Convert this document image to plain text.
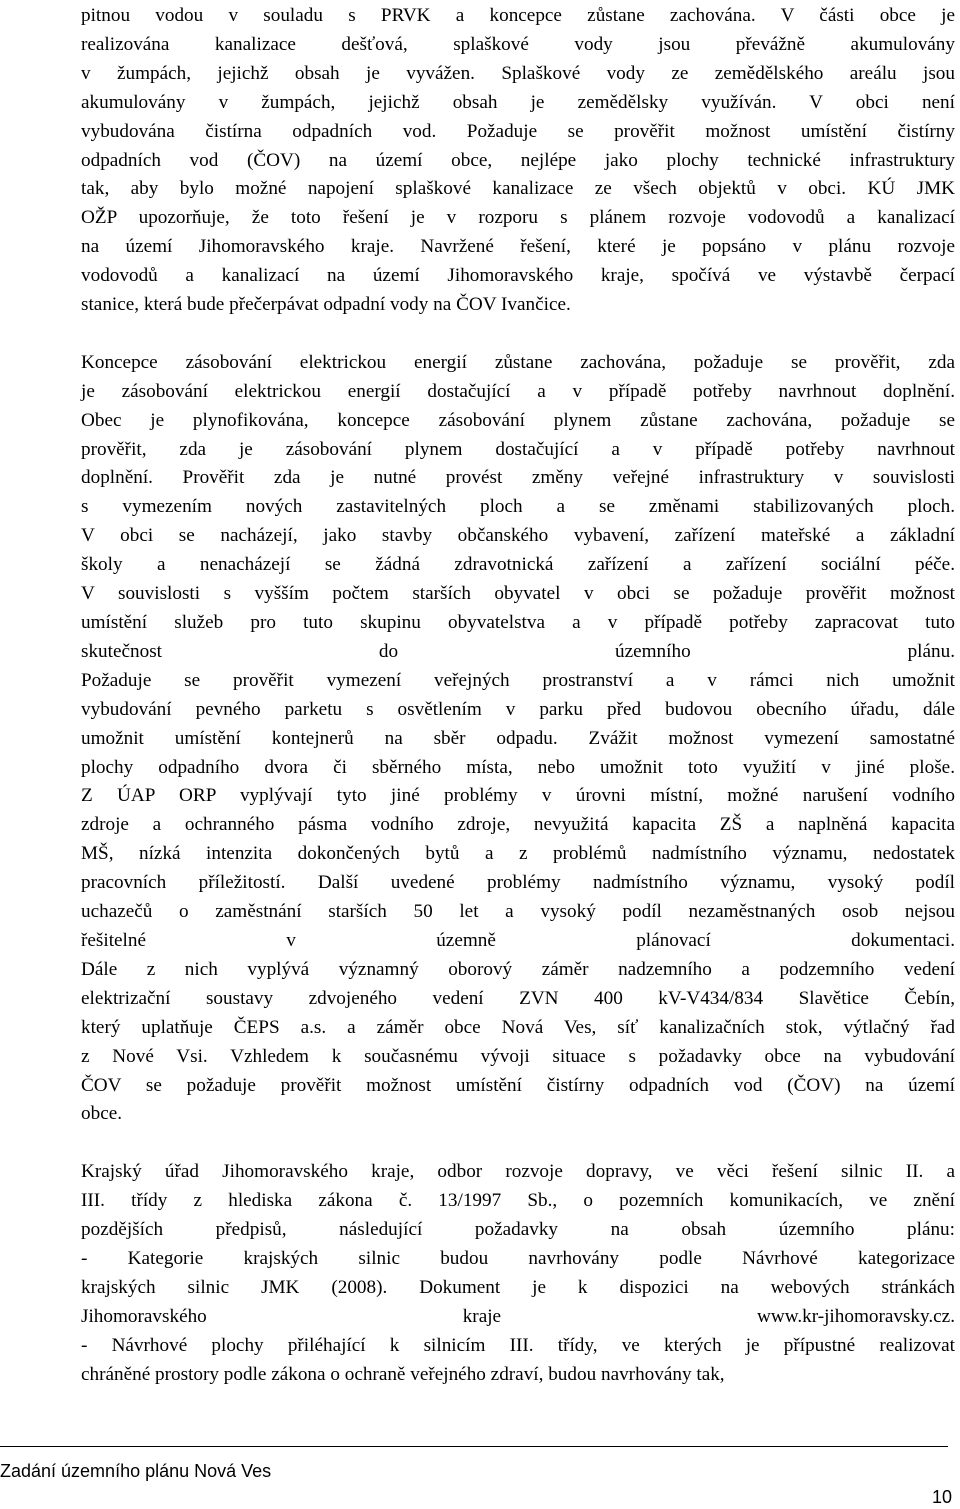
pitnou vodou v souladu s PRVK a koncepce zůstane zachována. V části obce je
realizována kanalizace dešťová, splaškové vody jsou převážně akumulovány
v žumpách, jejichž obsah je vyvážen. Splaškové vody ze zemědělského areálu jsou
akumulovány v žumpách, jejichž obsah je zemědělsky využíván. V obci není
vybudována čistírna odpadních vod. Požaduje se prověřit možnost umístění čistírny
odpadních vod (ČOV) na území obce, nejlépe jako plochy technické infrastruktury
tak, aby bylo možné napojení splaškové kanalizace ze všech objektů v obci. KÚ JMK
OŽP upozorňuje, že toto řešení je v rozporu s plánem rozvoje vodovodů a kanalizací
na území Jihomoravského kraje. Navržené řešení, které je popsáno v plánu rozvoje
vodovodů a kanalizací na území Jihomoravského kraje, spočívá ve výstavbě čerpací
stanice, která bude přečerpávat odpadní vody na ČOV Ivančice.
Koncepce zásobování elektrickou energií zůstane zachována, požaduje se prověřit, zda
je zásobování elektrickou energií dostačující a v případě potřeby navrhnout doplnění.
Obec je plynofikována, koncepce zásobování plynem zůstane zachována, požaduje se
prověřit, zda je zásobování plynem dostačující a v případě potřeby navrhnout
doplnění. Prověřit zda je nutné provést změny veřejné infrastruktury v souvislosti
s vymezením nových zastavitelných ploch a se změnami stabilizovaných ploch.
V obci se nacházejí, jako stavby občanského vybavení, zařízení mateřské a základní
školy a nenacházejí se žádná zdravotnická zařízení a zařízení sociální péče.
V souvislosti s vyšším počtem starších obyvatel v obci se požaduje prověřit možnost
umístění služeb pro tuto skupinu obyvatelstva a v případě potřeby zapracovat tuto
skutečnost do územního plánu.
Požaduje se prověřit vymezení veřejných prostranství a v rámci nich umožnit
vybudování pevného parketu s osvětlením v parku před budovou obecního úřadu, dále
umožnit umístění kontejnerů na sběr odpadu. Zvážit možnost vymezení samostatné
plochy odpadního dvora či sběrného místa, nebo umožnit toto využití v jiné ploše.
Z ÚAP ORP vyplývají tyto jiné problémy v úrovni místní, možné narušení vodního
zdroje a ochranného pásma vodního zdroje, nevyužitá kapacita ZŠ a naplněná kapacita
MŠ, nízká intenzita dokončených bytů a z problémů nadmístního významu, nedostatek
pracovních příležitostí. Další uvedené problémy nadmístního významu, vysoký podíl
uchazečů o zaměstnání starších 50 let a vysoký podíl nezaměstnaných osob nejsou
řešitelné v územně plánovací dokumentaci.
Dále z nich vyplývá významný oborový záměr nadzemního a podzemního vedení
elektrizační soustavy zdvojeného vedení ZVN 400 kV-V434/834 Slavětice Čebín,
který uplatňuje ČEPS a.s. a záměr obce Nová Ves, síť kanalizačních stok, výtlačný řad
z Nové Vsi. Vzhledem k současnému vývoji situace s požadavky obce na vybudování
ČOV se požaduje prověřit možnost umístění čistírny odpadních vod (ČOV) na území
obce.
Krajský úřad Jihomoravského kraje, odbor rozvoje dopravy, ve věci řešení silnic II. a
III. třídy z hlediska zákona č. 13/1997 Sb., o pozemních komunikacích, ve znění
pozdějších předpisů, následující požadavky na obsah územního plánu:
- Kategorie krajských silnic budou navrhovány podle Návrhové kategorizace
krajských silnic JMK (2008). Dokument je k dispozici na webových stránkách
Jihomoravského kraje www.kr-jihomoravsky.cz.
- Návrhové plochy přiléhající k silnicím III. třídy, ve kterých je přípustné realizovat
chráněné prostory podle zákona o ochraně veřejného zdraví, budou navrhovány tak,
Zadání územního plánu Nová Ves
10
